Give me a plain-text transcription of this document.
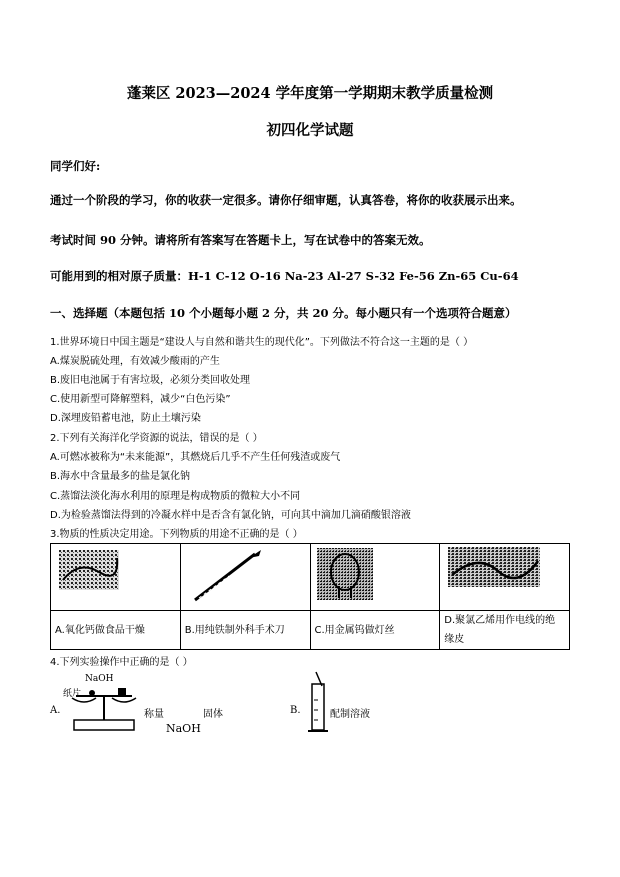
蓬莱区 2023—2024 学年度第一学期期末教学质量检测
初四化学试题
同学们好:
通过一个阶段的学习，你的收获一定很多。请你仔细审题，认真答卷，将你的收获展示出来。
考试时间 90 分钟。请将所有答案写在答题卡上，写在试卷中的答案无效。
可能用到的相对原子质量：H-1 C-12 O-16 Na-23 Al-27 S-32 Fe-56 Zn-65 Cu-64
一、选择题（本题包括 10 个小题每小题 2 分，共 20 分。每小题只有一个选项符合题意）
1.世界环境日中国主题是“建设人与自然和谐共生的现代化”。下列做法不符合这一主题的是（ ）
A.煤炭脱硫处理，有效减少酸雨的产生
B.废旧电池属于有害垃圾，必须分类回收处理
C.使用新型可降解塑料，减少“白色污染”
D.深埋废铅蓄电池，防止土壤污染
2.下列有关海洋化学资源的说法，错误的是（ ）
A.可燃冰被称为“未来能源”，其燃烧后几乎不产生任何残渣或废气
B.海水中含量最多的盐是氯化钠
C.蒸馏法淡化海水利用的原理是构成物质的微粒大小不同
D.为检验蒸馏法得到的冷凝水样中是否含有氯化钠，可向其中滴加几滴硝酸银溶液
3.物质的性质决定用途。下列物质的用途不正确的是（ ）

A.氧化钙做食品干燥	B.用纯铁制外科手术刀	C.用金属钨做灯丝	D.聚氯乙烯用作电线的绝缘皮
4.下列实验操作中正确的是（ ）
A.
纸片
NaOH
称量	固体
NaOH
B.	配制溶液
